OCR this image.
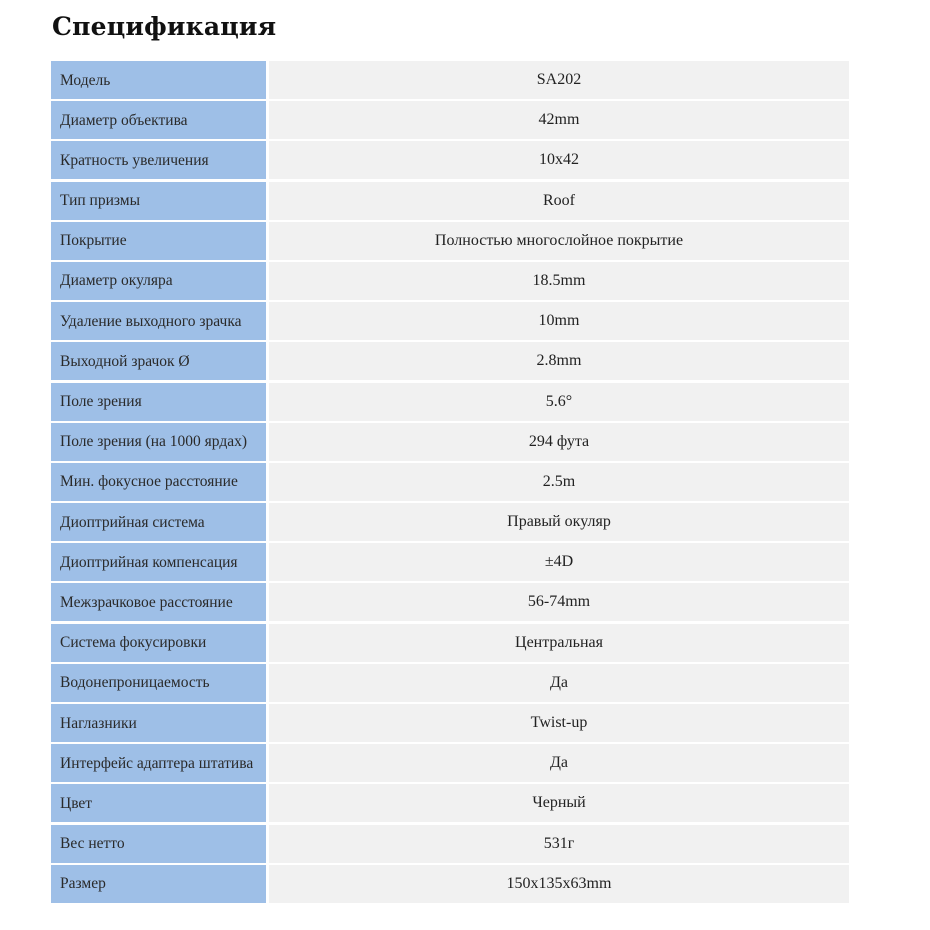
Спецификация
Модель	SA202
Диаметр объектива	42mm
Кратность увеличения	10x42
Тип призмы	Roof
Покрытие	Полностью многослойное покрытие
Диаметр окуляра	18.5mm
Удаление выходного зрачка	10mm
Выходной зрачок Ø	2.8mm
Поле зрения	5.6°
Поле зрения (на 1000 ярдах)	294 фута
Мин. фокусное расстояние	2.5m
Диоптрийная система	Правый окуляр
Диоптрийная компенсация	±4D
Межзрачковое расстояние	56-74mm
Система фокусировки	Центральная
Водонепроницаемость	Да
Наглазники	Twist-up
Интерфейс адаптера штатива	Да
Цвет	Черный
Вес нетто	531г
Размер	150x135x63mm
